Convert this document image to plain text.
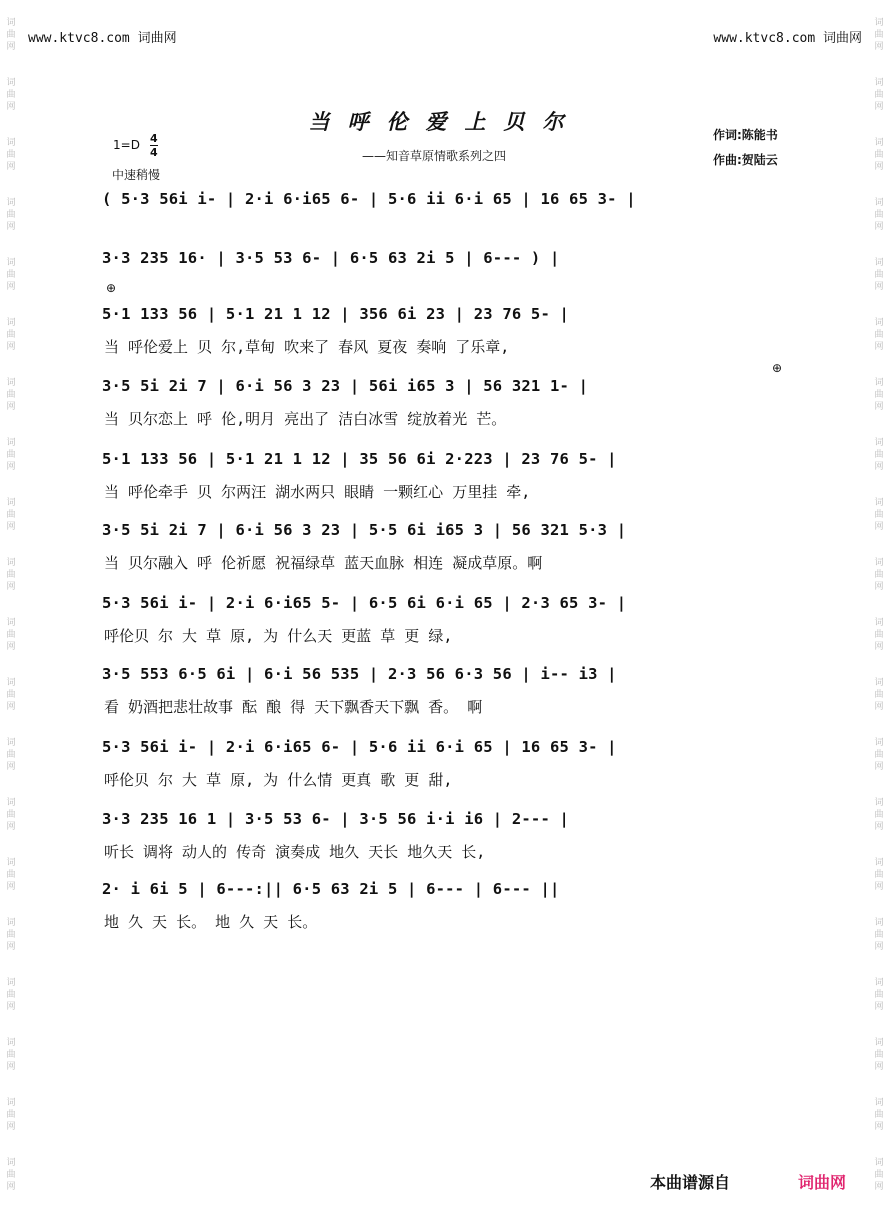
词
曲
网
词
曲
网
词
曲
网
词
曲
网
词
曲
网
词
曲
网
词
曲
网
词
曲
网
词
曲
网
词
曲
网
词
曲
网
词
曲
网
词
曲
网
词
曲
网
词
曲
网
词
曲
网
词
曲
网
词
曲
网
词
曲
网
词
曲
网
词
曲
网
词
曲
网
词
曲
网
词
曲
网
词
曲
网
词
曲
网
词
曲
网
词
曲
网
词
曲
网
词
曲
网
词
曲
网
词
曲
网
词
曲
网
词
曲
网
词
曲
网
词
曲
网
词
曲
网
词
曲
网
词
曲
网
词
曲
网
www.ktvc8.com 词曲网	www.ktvc8.com 词曲网
当呼伦爱上贝尔
——知音草原情歌系列之四
1=D 4
4
中速稍慢
作词:陈能书
作曲:贺陆云
⊕
⊕
( 5·3 56i i- | 2·i 6·i65 6- | 5·6 ii 6·i 65 | 16 65 3- |
3·3 235 16· | 3·5 53 6- | 6·5 63 2i 5 | 6--- ) |
5·1 133 56 | 5·1 21 1 12 | 356 6i 23 | 23 76 5- |
当 呼伦爱上 贝 尔,草甸 吹来了 春风 夏夜 奏响 了乐章,
3·5 5i 2i 7 | 6·i 56 3 23 | 56i i65 3 | 56 321 1- |
当 贝尔恋上 呼 伦,明月 亮出了 洁白冰雪 绽放着光 芒。
5·1 133 56 | 5·1 21 1 12 | 35 56 6i 2·223 | 23 76 5- |
当 呼伦牵手 贝 尔两汪 湖水两只 眼睛 一颗红心 万里挂 牵,
3·5 5i 2i 7 | 6·i 56 3 23 | 5·5 6i i65 3 | 56 321 5·3 |
当 贝尔融入 呼 伦祈愿 祝福绿草 蓝天血脉 相连 凝成草原。啊
5·3 56i i- | 2·i 6·i65 5- | 6·5 6i 6·i 65 | 2·3 65 3- |
呼伦贝 尔 大 草 原, 为 什么天 更蓝 草 更 绿,
3·5 553 6·5 6i | 6·i 56 535 | 2·3 56 6·3 56 | i-- i3 |
看 奶酒把悲壮故事 酝 酿 得 天下飘香天下飘 香。 啊
5·3 56i i- | 2·i 6·i65 6- | 5·6 ii 6·i 65 | 16 65 3- |
呼伦贝 尔 大 草 原, 为 什么情 更真 歌 更 甜,
3·3 235 16 1 | 3·5 53 6- | 3·5 56 i·i i6 | 2--- |
听长 调将 动人的 传奇 演奏成 地久 天长 地久天 长,
2· i 6i 5 | 6---:|| 6·5 63 2i 5 | 6--- | 6--- ||
地 久 天 长。 地 久 天 长。
本曲谱源自	词曲网
